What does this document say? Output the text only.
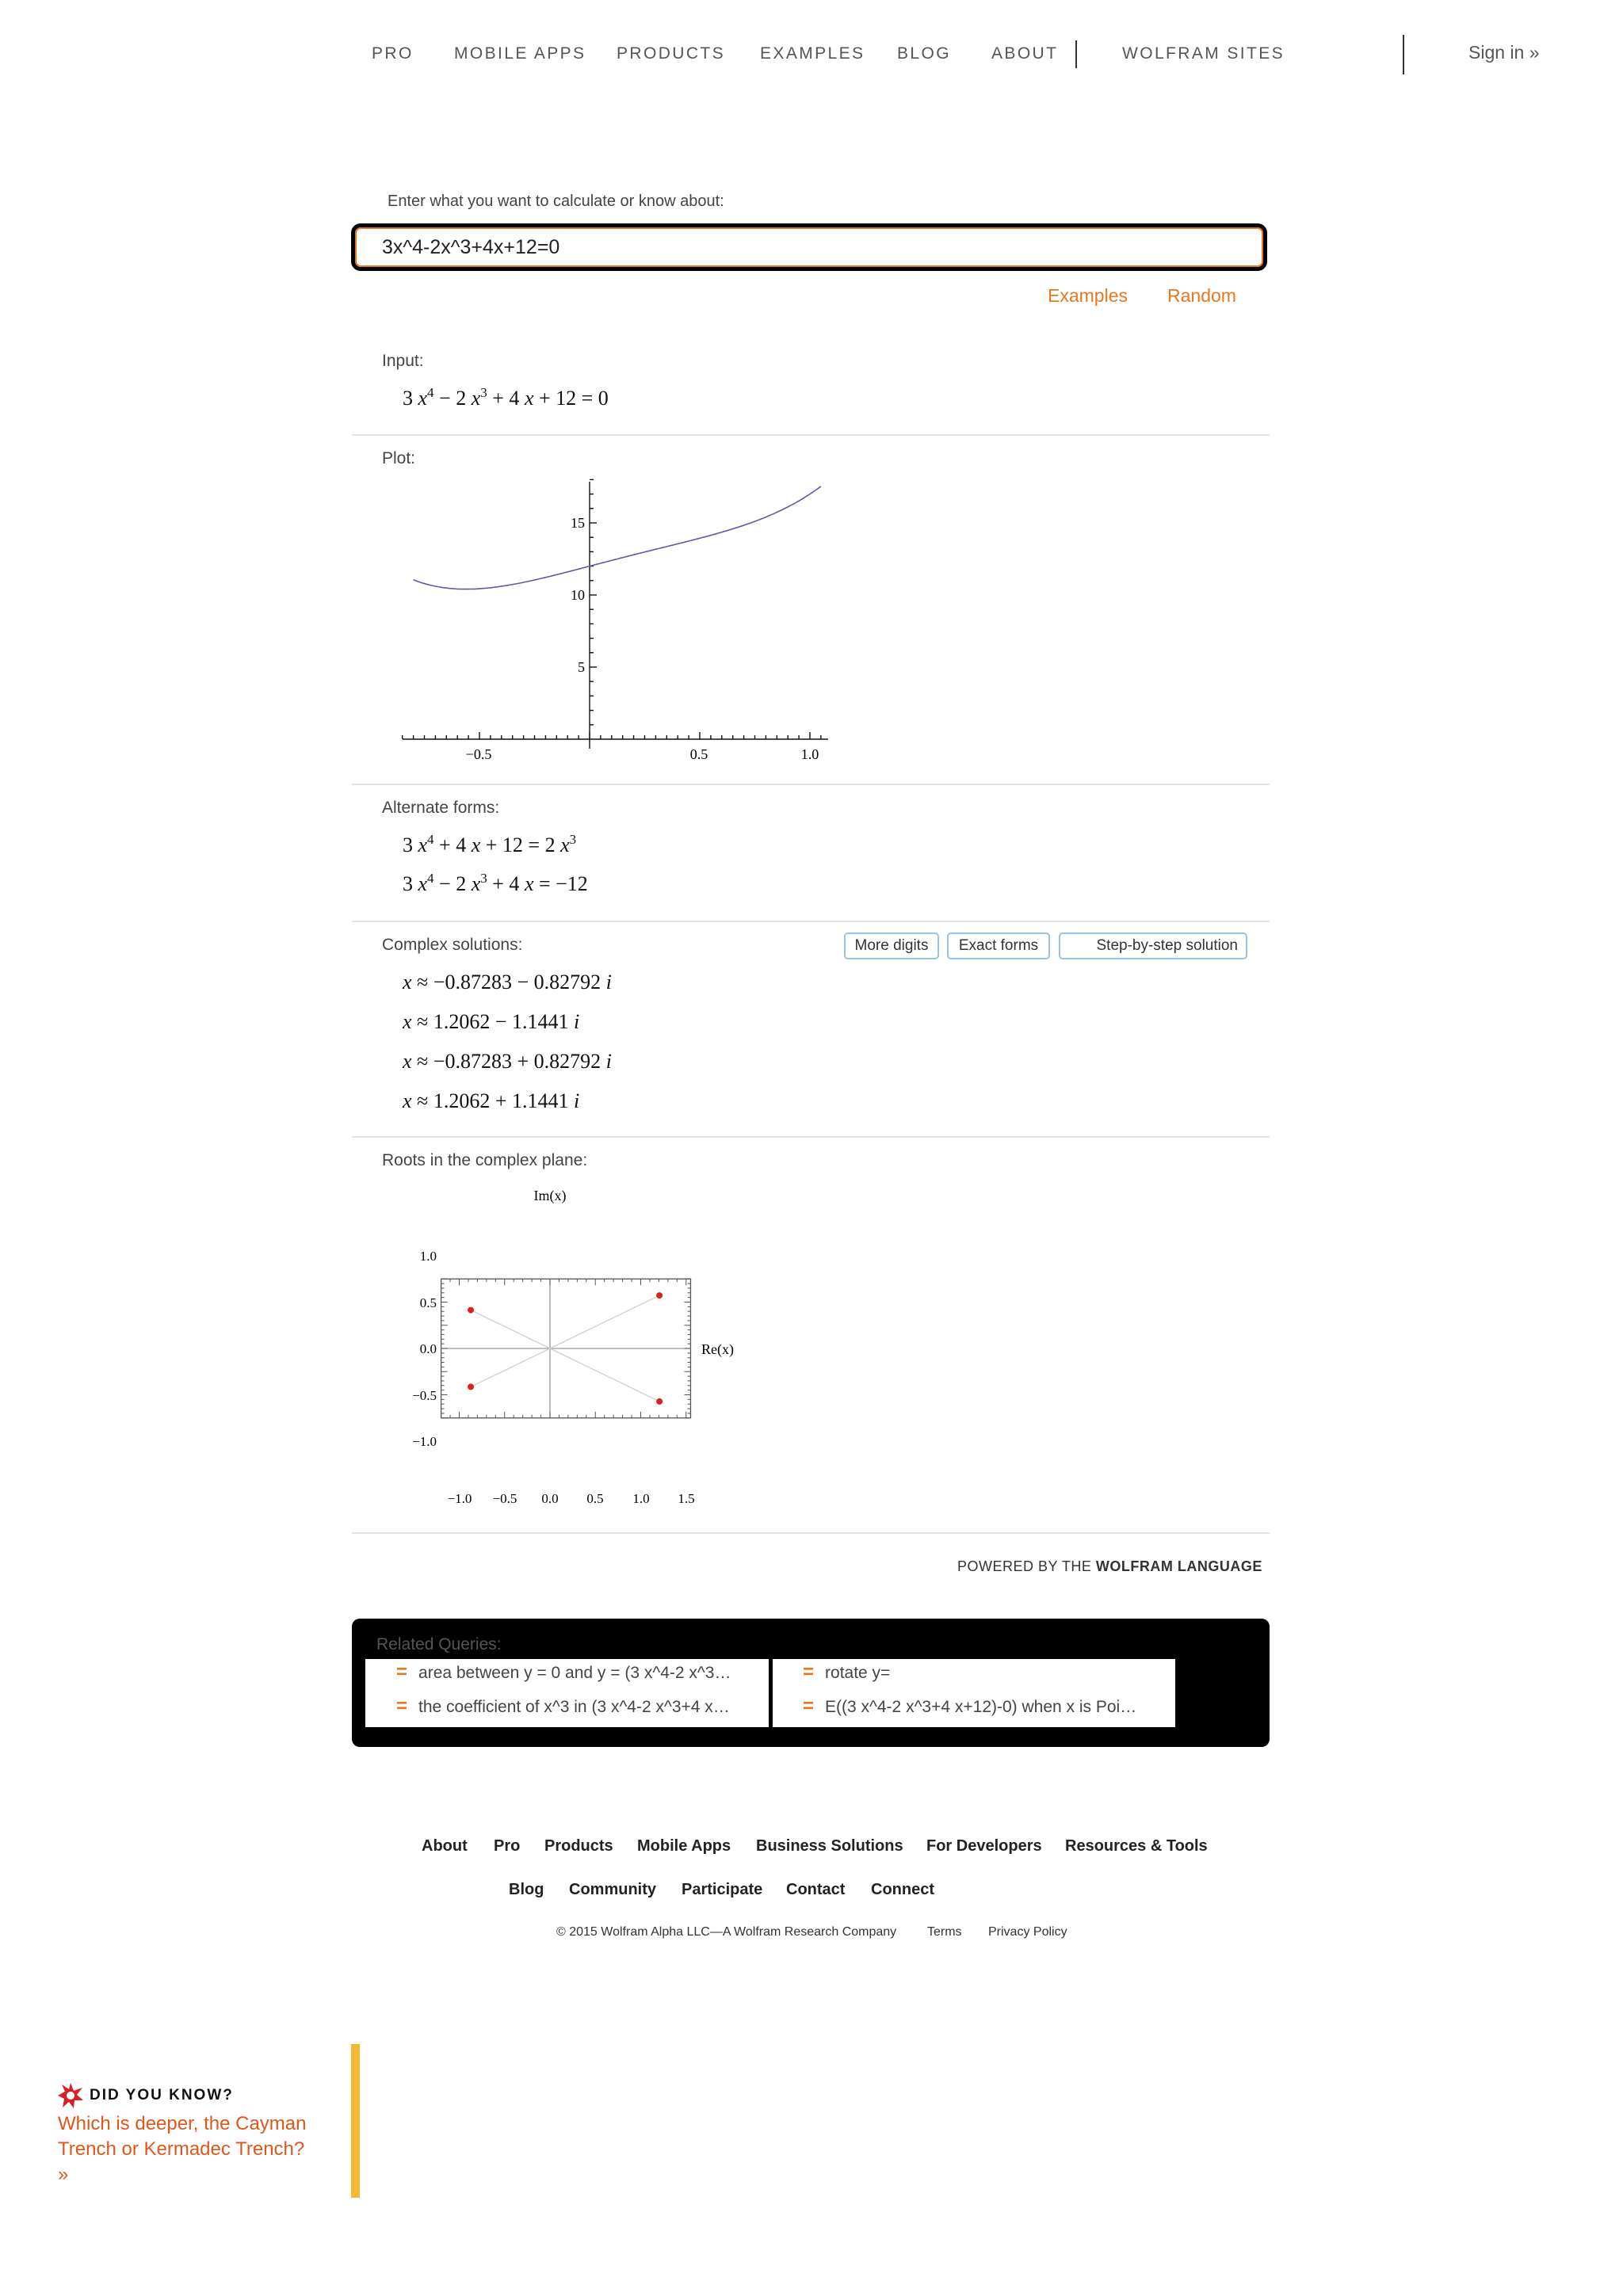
PRO MOBILE APPS PRODUCTS EXAMPLES BLOG ABOUT	WOLFRAM SITES	Sign in »
Enter what you want to calculate or know about:
3x^4-2x^3+4x+12=0
Examples Random
Input:
3 $x^4 - 2$ $x^3 + 4$ x + 12 = 0
Plot:
−0.5	0.5	1.0
15
10
5
Alternate forms:
3 $x^4 + 4$ x + 12 = 2 $x^3$
3 $x^4 - 2$ $x^3 + 4$ x = −12
Complex solutions:	More digits	Exact forms	Step-by-step solution
x ≈ −0.87283 − 0.82792 i
x ≈ 1.2062 − 1.1441 i
x ≈ −0.87283 + 0.82792 i
x ≈ 1.2062 + 1.1441 i
Roots in the complex plane:
Im(x)
Re(x)
−1.0 −0.5 0.0 0.5 1.0 1.5
1.0
0.5
0.0
−0.5
−1.0
POWERED BY THE WOLFRAM LANGUAGE
Related Queries:
= area between y = 0 and y = (3 x^4-2 x^3…	= rotate y=
= the coefficient of x^3 in (3 x^4-2 x^3+4 x…	= E((3 x^4-2 x^3+4 x+12)-0) when x is Poi…
About Pro Products Mobile Apps Business Solutions For Developers Resources & Tools
Blog Community Participate Contact Connect
© 2015 Wolfram Alpha LLC—A Wolfram Research Company Terms Privacy Policy
DID YOU KNOW?
Which is deeper, the Cayman Trench or Kermadec Trench? »
